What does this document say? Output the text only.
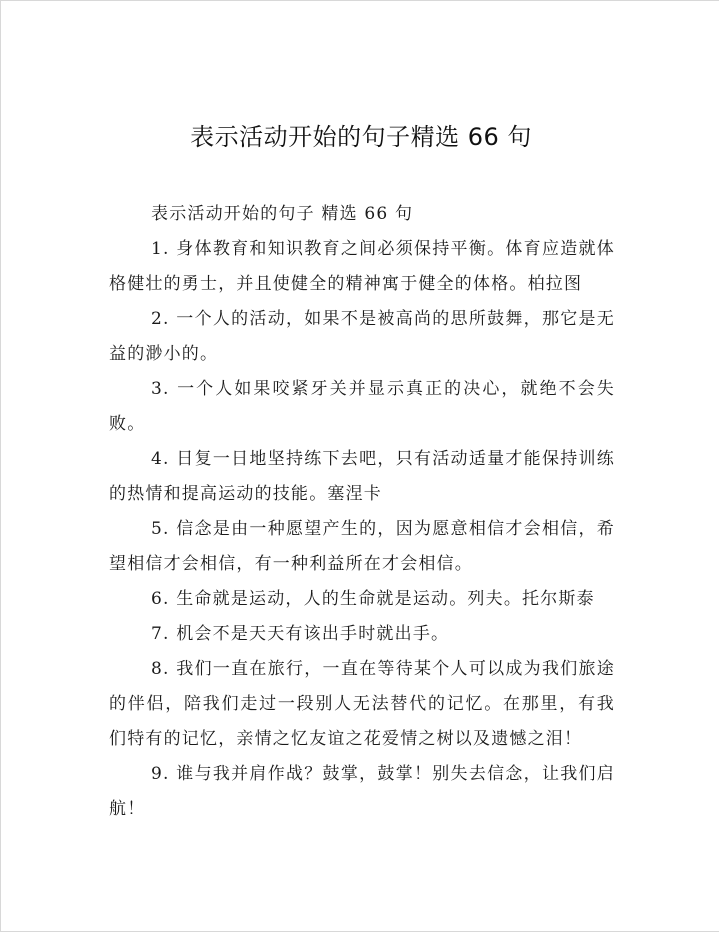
表示活动开始的句子精选 66 句

表示活动开始的句子 精选 66 句

1. 身体教育和知识教育之间必须保持平衡。体育应造就体格健壮的勇士，并且使健全的精神寓于健全的体格。柏拉图

2. 一个人的活动，如果不是被高尚的思所鼓舞，那它是无益的渺小的。

3. 一个人如果咬紧牙关并显示真正的决心，就绝不会失败。

4. 日复一日地坚持练下去吧，只有活动适量才能保持训练的热情和提高运动的技能。塞涅卡

5. 信念是由一种愿望产生的，因为愿意相信才会相信，希望相信才会相信，有一种利益所在才会相信。

6. 生命就是运动，人的生命就是运动。列夫。托尔斯泰

7. 机会不是天天有该出手时就出手。

8. 我们一直在旅行，一直在等待某个人可以成为我们旅途的伴侣，陪我们走过一段别人无法替代的记忆。在那里，有我们特有的记忆，亲情之忆友谊之花爱情之树以及遗憾之泪！

9. 谁与我并肩作战？鼓掌，鼓掌！别失去信念，让我们启航！
